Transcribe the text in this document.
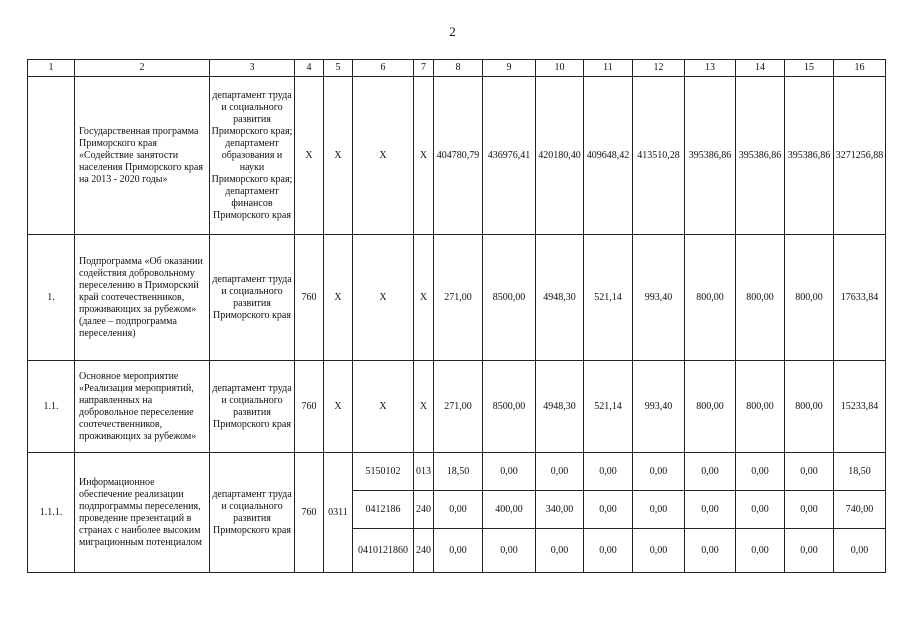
2
1	2	3	4	5	6	7	8	9	10	11	12	13	14	15	16
	Государственная программа Приморского края «Содействие занятости населения Приморского края на 2013 - 2020 годы»	департамент труда и социального развития Приморского края; департамент образования и науки Приморского края; департамент финансов Приморского края	X	X	X	X	404780,79	436976,41	420180,40	409648,42	413510,28	395386,86	395386,86	395386,86	3271256,88
1.	Подпрограмма «Об оказании содействия добровольному переселению в Приморский край соотечественников, проживающих за рубежом» (далее – подпрограмма переселения)	департамент труда и социального развития Приморского края	760	X	X	X	271,00	8500,00	4948,30	521,14	993,40	800,00	800,00	800,00	17633,84
1.1.	Основное мероприятие «Реализация мероприятий, направленных на добровольное переселение соотечественников, проживающих за рубежом»	департамент труда и социального развития Приморского края	760	X	X	X	271,00	8500,00	4948,30	521,14	993,40	800,00	800,00	800,00	15233,84
1.1.1.	Информационное обеспечение реализации подпрограммы переселения, проведение презентаций в странах с наиболее высоким миграционным потенциалом	департамент труда и социального развития Приморского края	760	0311	5150102	013	18,50	0,00	0,00	0,00	0,00	0,00	0,00	0,00	18,50
					0412186	240	0,00	400,00	340,00	0,00	0,00	0,00	0,00	0,00	740,00
					0410121860	240	0,00	0,00	0,00	0,00	0,00	0,00	0,00	0,00	0,00
